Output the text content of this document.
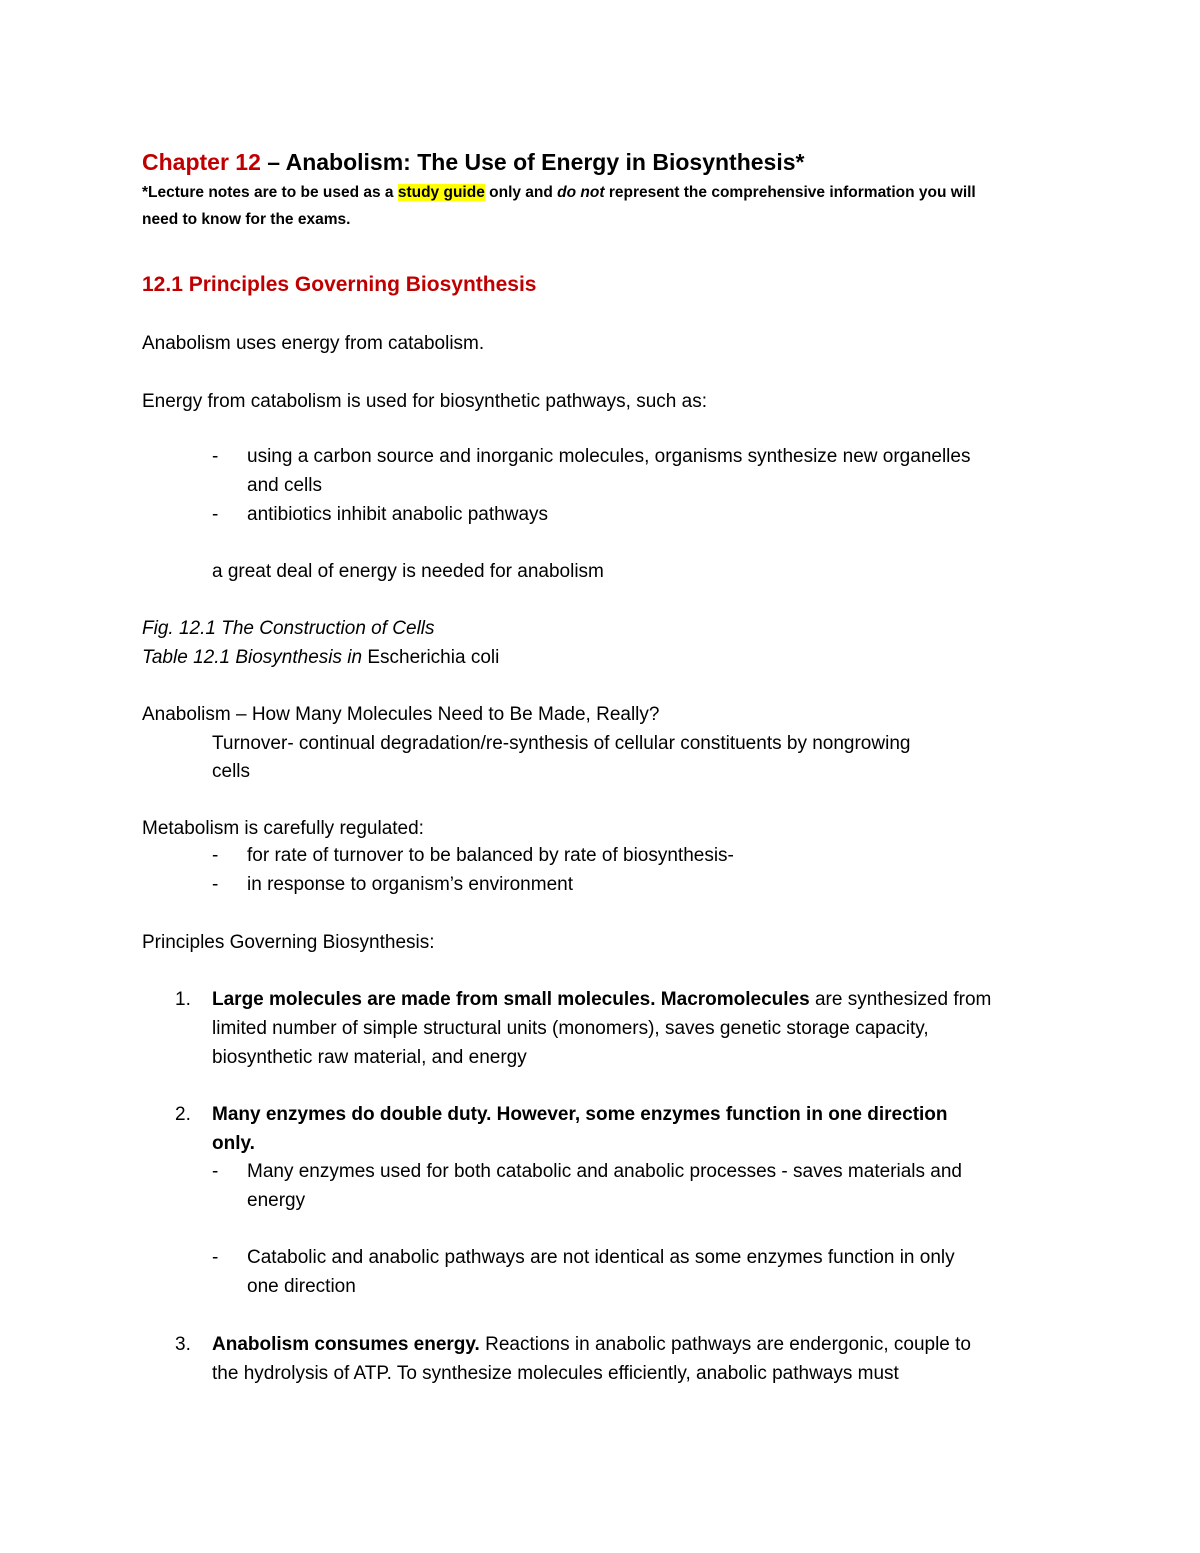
Chapter 12 – Anabolism: The Use of Energy in Biosynthesis*
*Lecture notes are to be used as a study guide only and do not represent the comprehensive information you will
need to know for the exams.
12.1 Principles Governing Biosynthesis
Anabolism uses energy from catabolism.
Energy from catabolism is used for biosynthetic pathways, such as:
- using a carbon source and inorganic molecules, organisms synthesize new organelles
and cells
- antibiotics inhibit anabolic pathways
a great deal of energy is needed for anabolism
Fig. 12.1 The Construction of Cells
Table 12.1 Biosynthesis in Escherichia coli
Anabolism – How Many Molecules Need to Be Made, Really?
Turnover- continual degradation/re-synthesis of cellular constituents by nongrowing
cells
Metabolism is carefully regulated:
- for rate of turnover to be balanced by rate of biosynthesis-
- in response to organism’s environment
Principles Governing Biosynthesis:
1. Large molecules are made from small molecules. Macromolecules are synthesized from
limited number of simple structural units (monomers), saves genetic storage capacity,
biosynthetic raw material, and energy
2. Many enzymes do double duty. However, some enzymes function in one direction
only.
- Many enzymes used for both catabolic and anabolic processes - saves materials and
energy
- Catabolic and anabolic pathways are not identical as some enzymes function in only
one direction
3. Anabolism consumes energy. Reactions in anabolic pathways are endergonic, couple to
the hydrolysis of ATP. To synthesize molecules efficiently, anabolic pathways must
